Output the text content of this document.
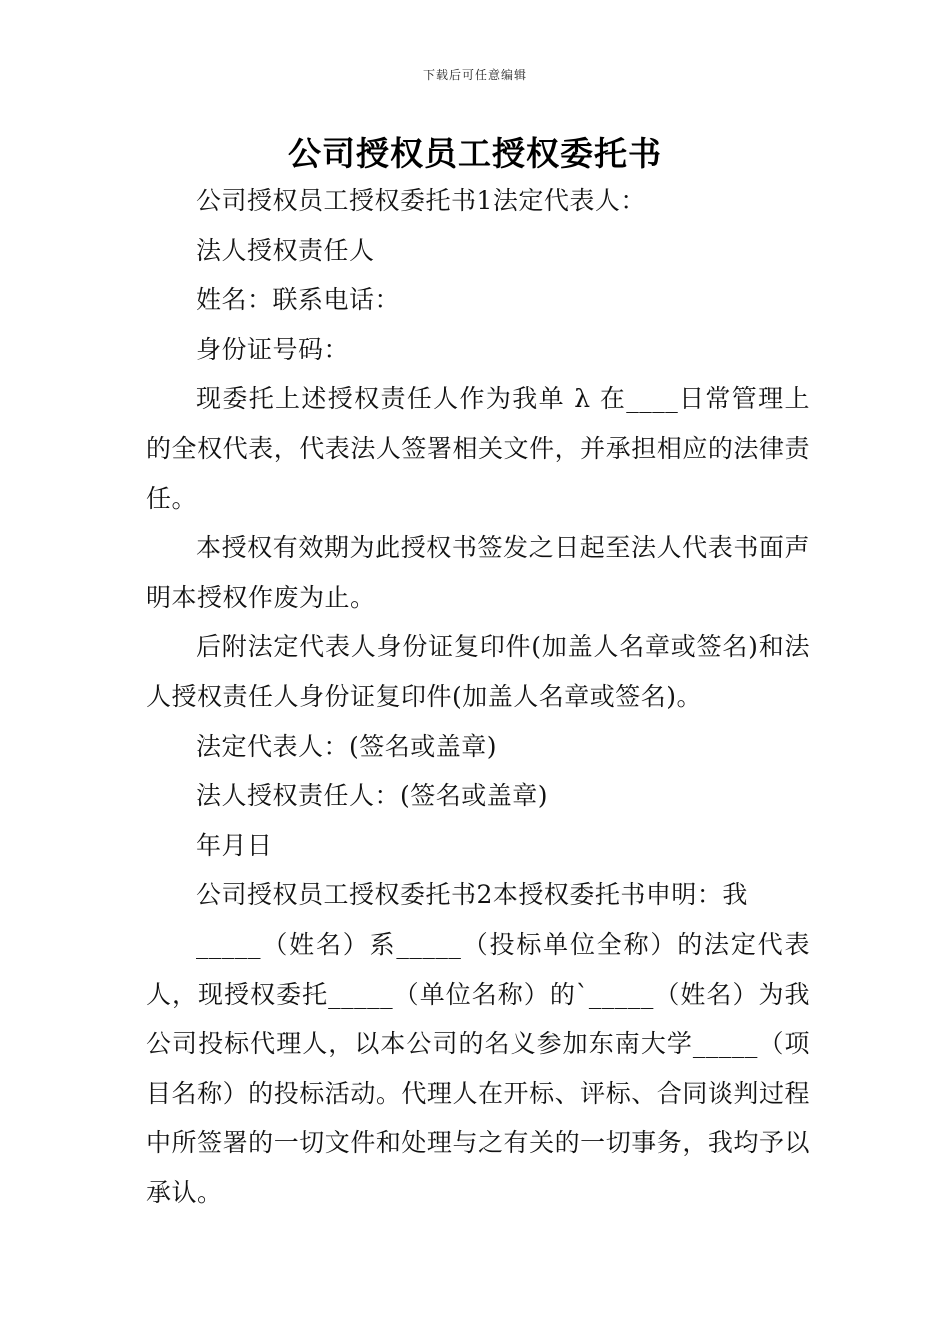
下载后可任意编辑
公司授权员工授权委托书

公司授权员工授权委托书1法定代表人：

法人授权责任人

姓名：联系电话：

身份证号码：

现委托上述授权责任人作为我单 λ 在____日常管理上的全权代表，代表法人签署相关文件，并承担相应的法律责任。

本授权有效期为此授权书签发之日起至法人代表书面声明本授权作废为止。

后附法定代表人身份证复印件(加盖人名章或签名)和法人授权责任人身份证复印件(加盖人名章或签名)。

法定代表人：(签名或盖章)

法人授权责任人：(签名或盖章)

年月日

公司授权员工授权委托书2本授权委托书申明：我

_____（姓名）系_____（投标单位全称）的法定代表人，现授权委托_____（单位名称）的`_____（姓名）为我公司投标代理人，以本公司的名义参加东南大学_____（项目名称）的投标活动。代理人在开标、评标、合同谈判过程中所签署的一切文件和处理与之有关的一切事务，我均予以承认。
